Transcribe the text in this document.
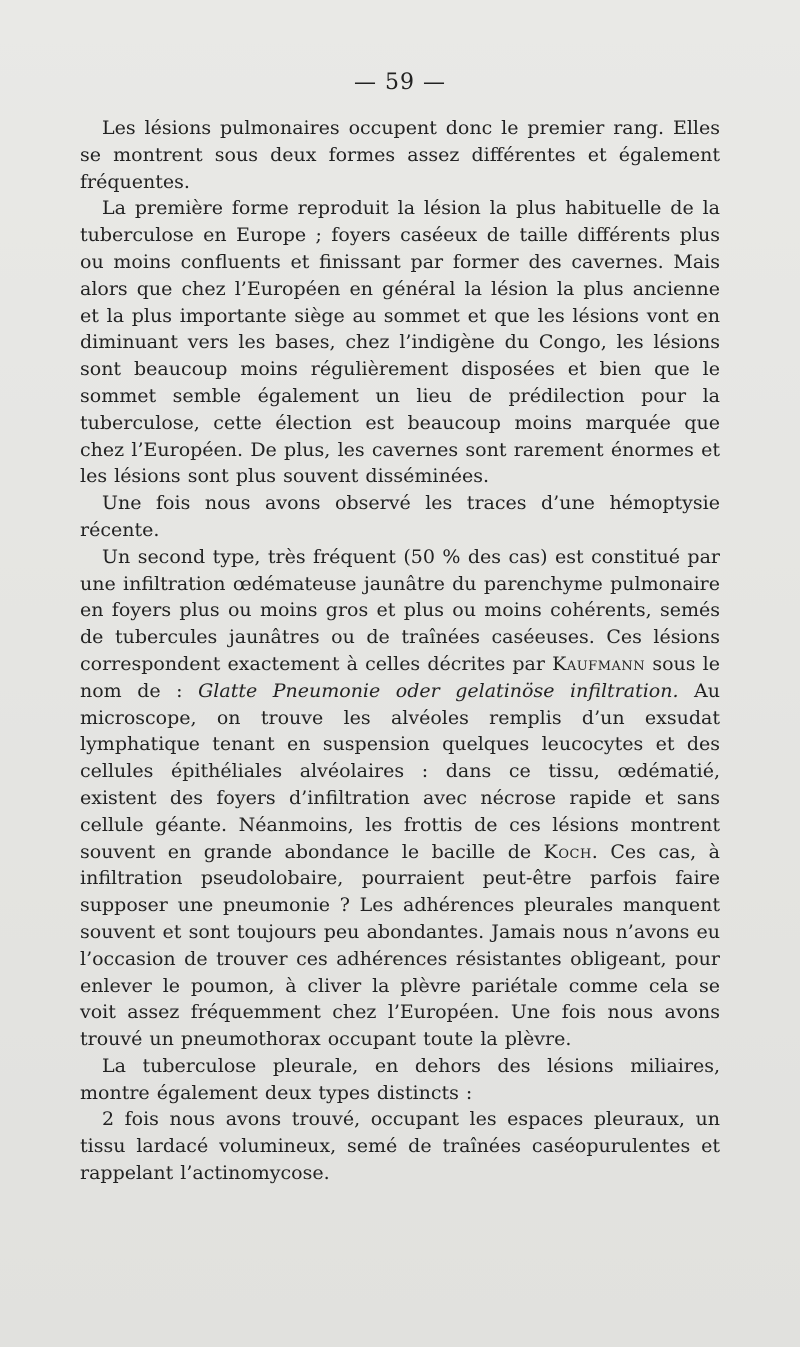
— 59 —

Les lésions pulmonaires occupent donc le premier rang. Elles se montrent sous deux formes assez différentes et également fréquentes.

La première forme reproduit la lésion la plus habituelle de la tuberculose en Europe ; foyers caséeux de taille différents plus ou moins confluents et finissant par former des cavernes. Mais alors que chez l’Européen en général la lésion la plus ancienne et la plus importante siège au sommet et que les lésions vont en diminuant vers les bases, chez l’indigène du Congo, les lésions sont beaucoup moins régulièrement disposées et bien que le sommet semble également un lieu de prédilection pour la tuberculose, cette élection est beaucoup moins marquée que chez l’Européen. De plus, les cavernes sont rarement énormes et les lésions sont plus souvent disséminées.

Une fois nous avons observé les traces d’une hémoptysie récente.

Un second type, très fréquent (50 % des cas) est constitué par une infiltration œdémateuse jaunâtre du parenchyme pulmonaire en foyers plus ou moins gros et plus ou moins cohérents, semés de tubercules jaunâtres ou de traînées caséeuses. Ces lésions correspondent exactement à celles décrites par Kaufmann sous le nom de : Glatte Pneumonie oder gelatinöse infiltration. Au microscope, on trouve les alvéoles remplis d’un exsudat lymphatique tenant en suspension quelques leucocytes et des cellules épithéliales alvéolaires : dans ce tissu, œdématié, existent des foyers d’infiltration avec nécrose rapide et sans cellule géante. Néanmoins, les frottis de ces lésions montrent souvent en grande abondance le bacille de Koch. Ces cas, à infiltration pseudolobaire, pourraient peut-être parfois faire supposer une pneumonie ? Les adhérences pleurales manquent souvent et sont toujours peu abondantes. Jamais nous n’avons eu l’occasion de trouver ces adhérences résistantes obligeant, pour enlever le poumon, à cliver la plèvre pariétale comme cela se voit assez fréquemment chez l’Européen. Une fois nous avons trouvé un pneumothorax occupant toute la plèvre.

La tuberculose pleurale, en dehors des lésions miliaires, montre également deux types distincts :

2 fois nous avons trouvé, occupant les espaces pleuraux, un tissu lardacé volumineux, semé de traînées caséopurulentes et rappelant l’actinomycose.
